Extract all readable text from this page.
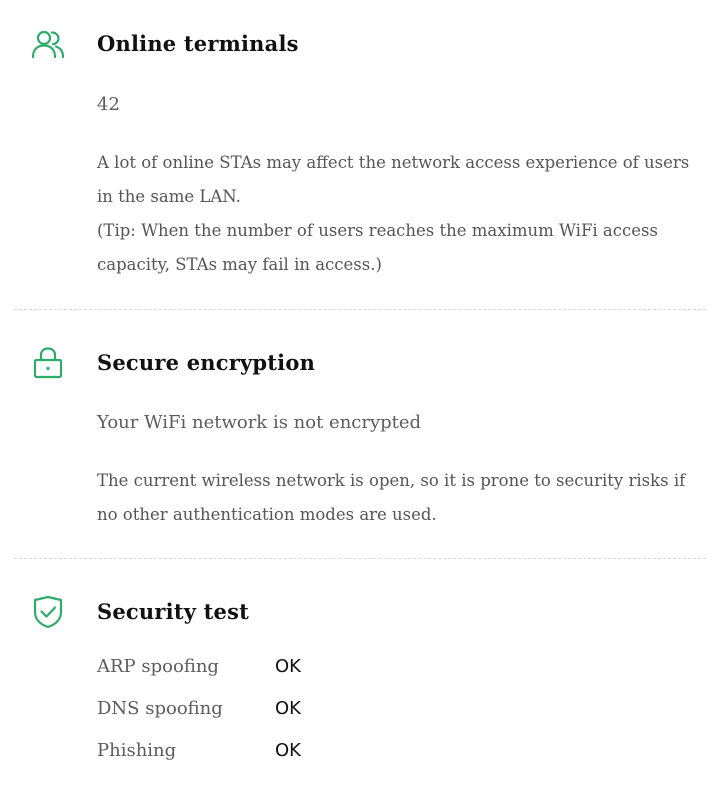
Online terminals
42
A lot of online STAs may affect the network access experience of users in the same LAN.
(Tip: When the number of users reaches the maximum WiFi access capacity, STAs may fail in access.)
Secure encryption
Your WiFi network is not encrypted
The current wireless network is open, so it is prone to security risks if no other authentication modes are used.
Security test
ARP spoofing	OK
DNS spoofing	OK
Phishing	OK
